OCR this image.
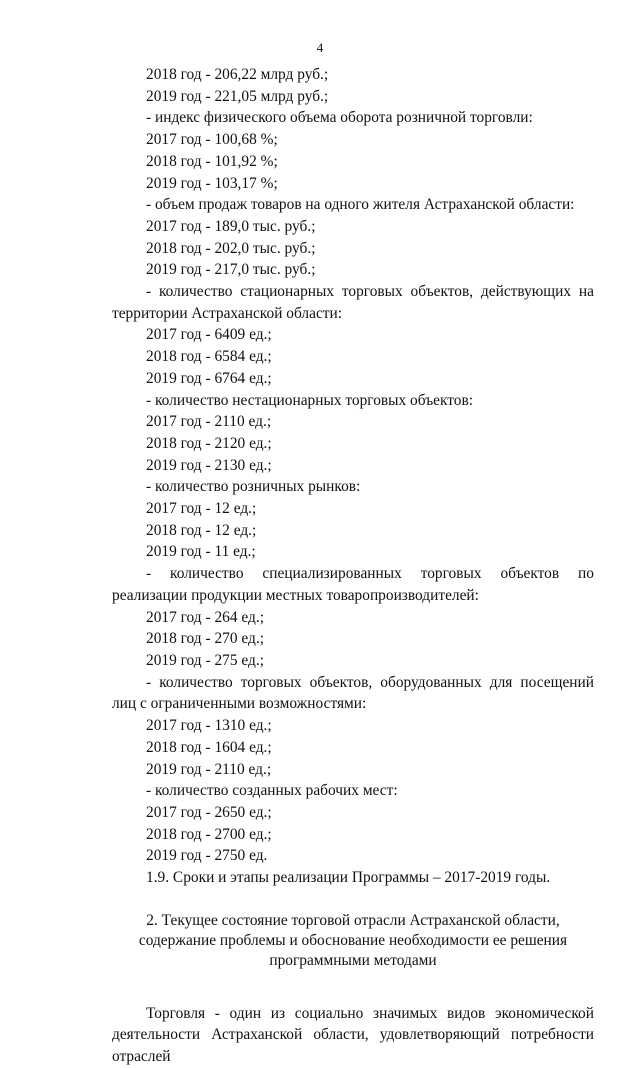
4
2018 год - 206,22 млрд руб.;
2019 год - 221,05 млрд руб.;
- индекс физического объема оборота розничной торговли:
2017 год - 100,68 %;
2018 год - 101,92 %;
2019 год - 103,17 %;
- объем продаж товаров на одного жителя Астраханской области:
2017 год - 189,0 тыс. руб.;
2018 год - 202,0 тыс. руб.;
2019 год - 217,0 тыс. руб.;
- количество стационарных торговых объектов, действующих на территории Астраханской области:
2017 год - 6409 ед.;
2018 год - 6584 ед.;
2019 год - 6764 ед.;
- количество нестационарных торговых объектов:
2017 год - 2110 ед.;
2018 год - 2120 ед.;
2019 год - 2130 ед.;
- количество розничных рынков:
2017 год - 12 ед.;
2018 год - 12 ед.;
2019 год - 11 ед.;
- количество специализированных торговых объектов по реализации продукции местных товаропроизводителей:
2017 год - 264 ед.;
2018 год - 270 ед.;
2019 год - 275 ед.;
- количество торговых объектов, оборудованных для посещений лиц с ограниченными возможностями:
2017 год - 1310 ед.;
2018 год - 1604 ед.;
2019 год - 2110 ед.;
- количество созданных рабочих мест:
2017 год - 2650 ед.;
2018 год - 2700 ед.;
2019 год - 2750 ед.
1.9. Сроки и этапы реализации Программы – 2017-2019 годы.
2. Текущее состояние торговой отрасли Астраханской области, содержание проблемы и обоснование необходимости ее решения программными методами
Торговля - один из социально значимых видов экономической деятельности Астраханской области, удовлетворяющий потребности отраслей
